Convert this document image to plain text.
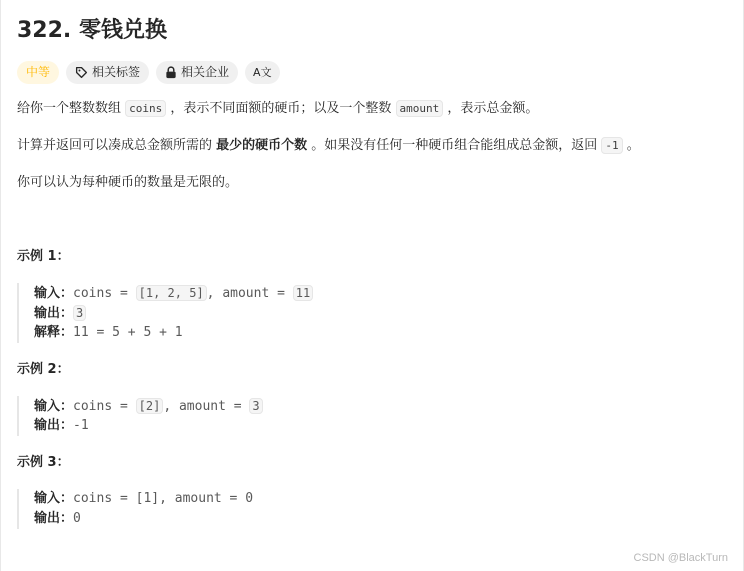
322. 零钱兑换
中等	相关标签	相关企业 A文

给你一个整数数组 coins ，表示不同面额的硬币；以及一个整数 amount ，表示总金额。

计算并返回可以凑成总金额所需的 最少的硬币个数 。如果没有任何一种硬币组合能组成总金额，返回 -1 。

你可以认为每种硬币的数量是无限的。

示例 1：

输入：coins = [1, 2, 5] , amount = 11
输出： 3
解释：11 = 5 + 5 + 1

示例 2：

输入：coins = [2] , amount = 3
输出：-1

示例 3：

输入：coins = [1], amount = 0
输出：0
CSDN @BlackTurn
